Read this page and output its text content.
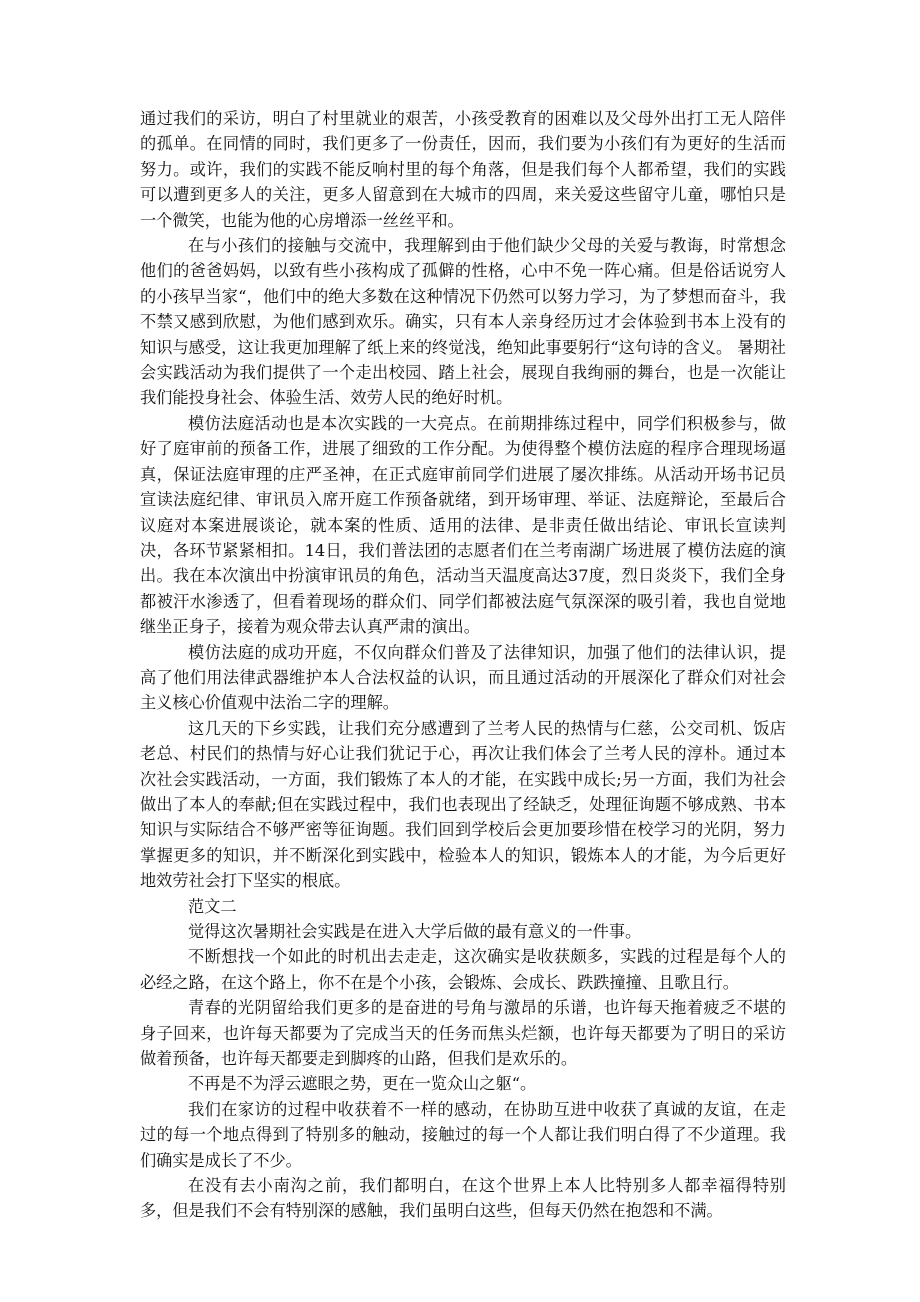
通过我们的采访，明白了村里就业的艰苦，小孩受教育的困难以及父母外出打工无人陪伴的孤单。在同情的同时，我们更多了一份责任，因而，我们要为小孩们有为更好的生活而努力。或许，我们的实践不能反响村里的每个角落，但是我们每个人都希望，我们的实践可以遭到更多人的关注，更多人留意到在大城市的四周，来关爱这些留守儿童，哪怕只是一个微笑，也能为他的心房增添一丝丝平和。

在与小孩们的接触与交流中，我理解到由于他们缺少父母的关爱与教诲，时常想念他们的爸爸妈妈，以致有些小孩构成了孤僻的性格，心中不免一阵心痛。但是俗话说穷人的小孩早当家“，他们中的绝大多数在这种情况下仍然可以努力学习，为了梦想而奋斗，我不禁又感到欣慰，为他们感到欢乐。确实，只有本人亲身经历过才会体验到书本上没有的知识与感受，这让我更加理解了纸上来的终觉浅，绝知此事要躬行“这句诗的含义。 暑期社会实践活动为我们提供了一个走出校园、踏上社会，展现自我绚丽的舞台，也是一次能让我们能投身社会、体验生活、效劳人民的绝好时机。

模仿法庭活动也是本次实践的一大亮点。在前期排练过程中，同学们积极参与，做好了庭审前的预备工作，进展了细致的工作分配。为使得整个模仿法庭的程序合理现场逼真，保证法庭审理的庄严圣神，在正式庭审前同学们进展了屡次排练。从活动开场书记员宣读法庭纪律、审讯员入席开庭工作预备就绪，到开场审理、举证、法庭辩论，至最后合议庭对本案进展谈论，就本案的性质、适用的法律、是非责任做出结论、审讯长宣读判决，各环节紧紧相扣。14日，我们普法团的志愿者们在兰考南湖广场进展了模仿法庭的演出。我在本次演出中扮演审讯员的角色，活动当天温度高达37度，烈日炎炎下，我们全身都被汗水渗透了，但看着现场的群众们、同学们都被法庭气氛深深的吸引着，我也自觉地继坐正身子，接着为观众带去认真严肃的演出。

模仿法庭的成功开庭，不仅向群众们普及了法律知识，加强了他们的法律认识，提高了他们用法律武器维护本人合法权益的认识，而且通过活动的开展深化了群众们对社会主义核心价值观中法治二字的理解。

这几天的下乡实践，让我们充分感遭到了兰考人民的热情与仁慈，公交司机、饭店老总、村民们的热情与好心让我们犹记于心，再次让我们体会了兰考人民的淳朴。通过本次社会实践活动，一方面，我们锻炼了本人的才能，在实践中成长;另一方面，我们为社会做出了本人的奉献;但在实践过程中，我们也表现出了经缺乏，处理征询题不够成熟、书本知识与实际结合不够严密等征询题。我们回到学校后会更加要珍惜在校学习的光阴，努力掌握更多的知识，并不断深化到实践中，检验本人的知识，锻炼本人的才能，为今后更好地效劳社会打下坚实的根底。

范文二

觉得这次暑期社会实践是在进入大学后做的最有意义的一件事。

不断想找一个如此的时机出去走走，这次确实是收获颇多，实践的过程是每个人的必经之路，在这个路上，你不在是个小孩，会锻炼、会成长、跌跌撞撞、且歌且行。

青春的光阴留给我们更多的是奋进的号角与激昂的乐谱，也许每天拖着疲乏不堪的身子回来，也许每天都要为了完成当天的任务而焦头烂额，也许每天都要为了明日的采访做着预备，也许每天都要走到脚疼的山路，但我们是欢乐的。

不再是不为浮云遮眼之势，更在一览众山之躯“。

我们在家访的过程中收获着不一样的感动，在协助互进中收获了真诚的友谊，在走过的每一个地点得到了特别多的触动，接触过的每一个人都让我们明白得了不少道理。我们确实是成长了不少。

在没有去小南沟之前，我们都明白，在这个世界上本人比特别多人都幸福得特别多，但是我们不会有特别深的感触，我们虽明白这些，但每天仍然在抱怨和不满。
